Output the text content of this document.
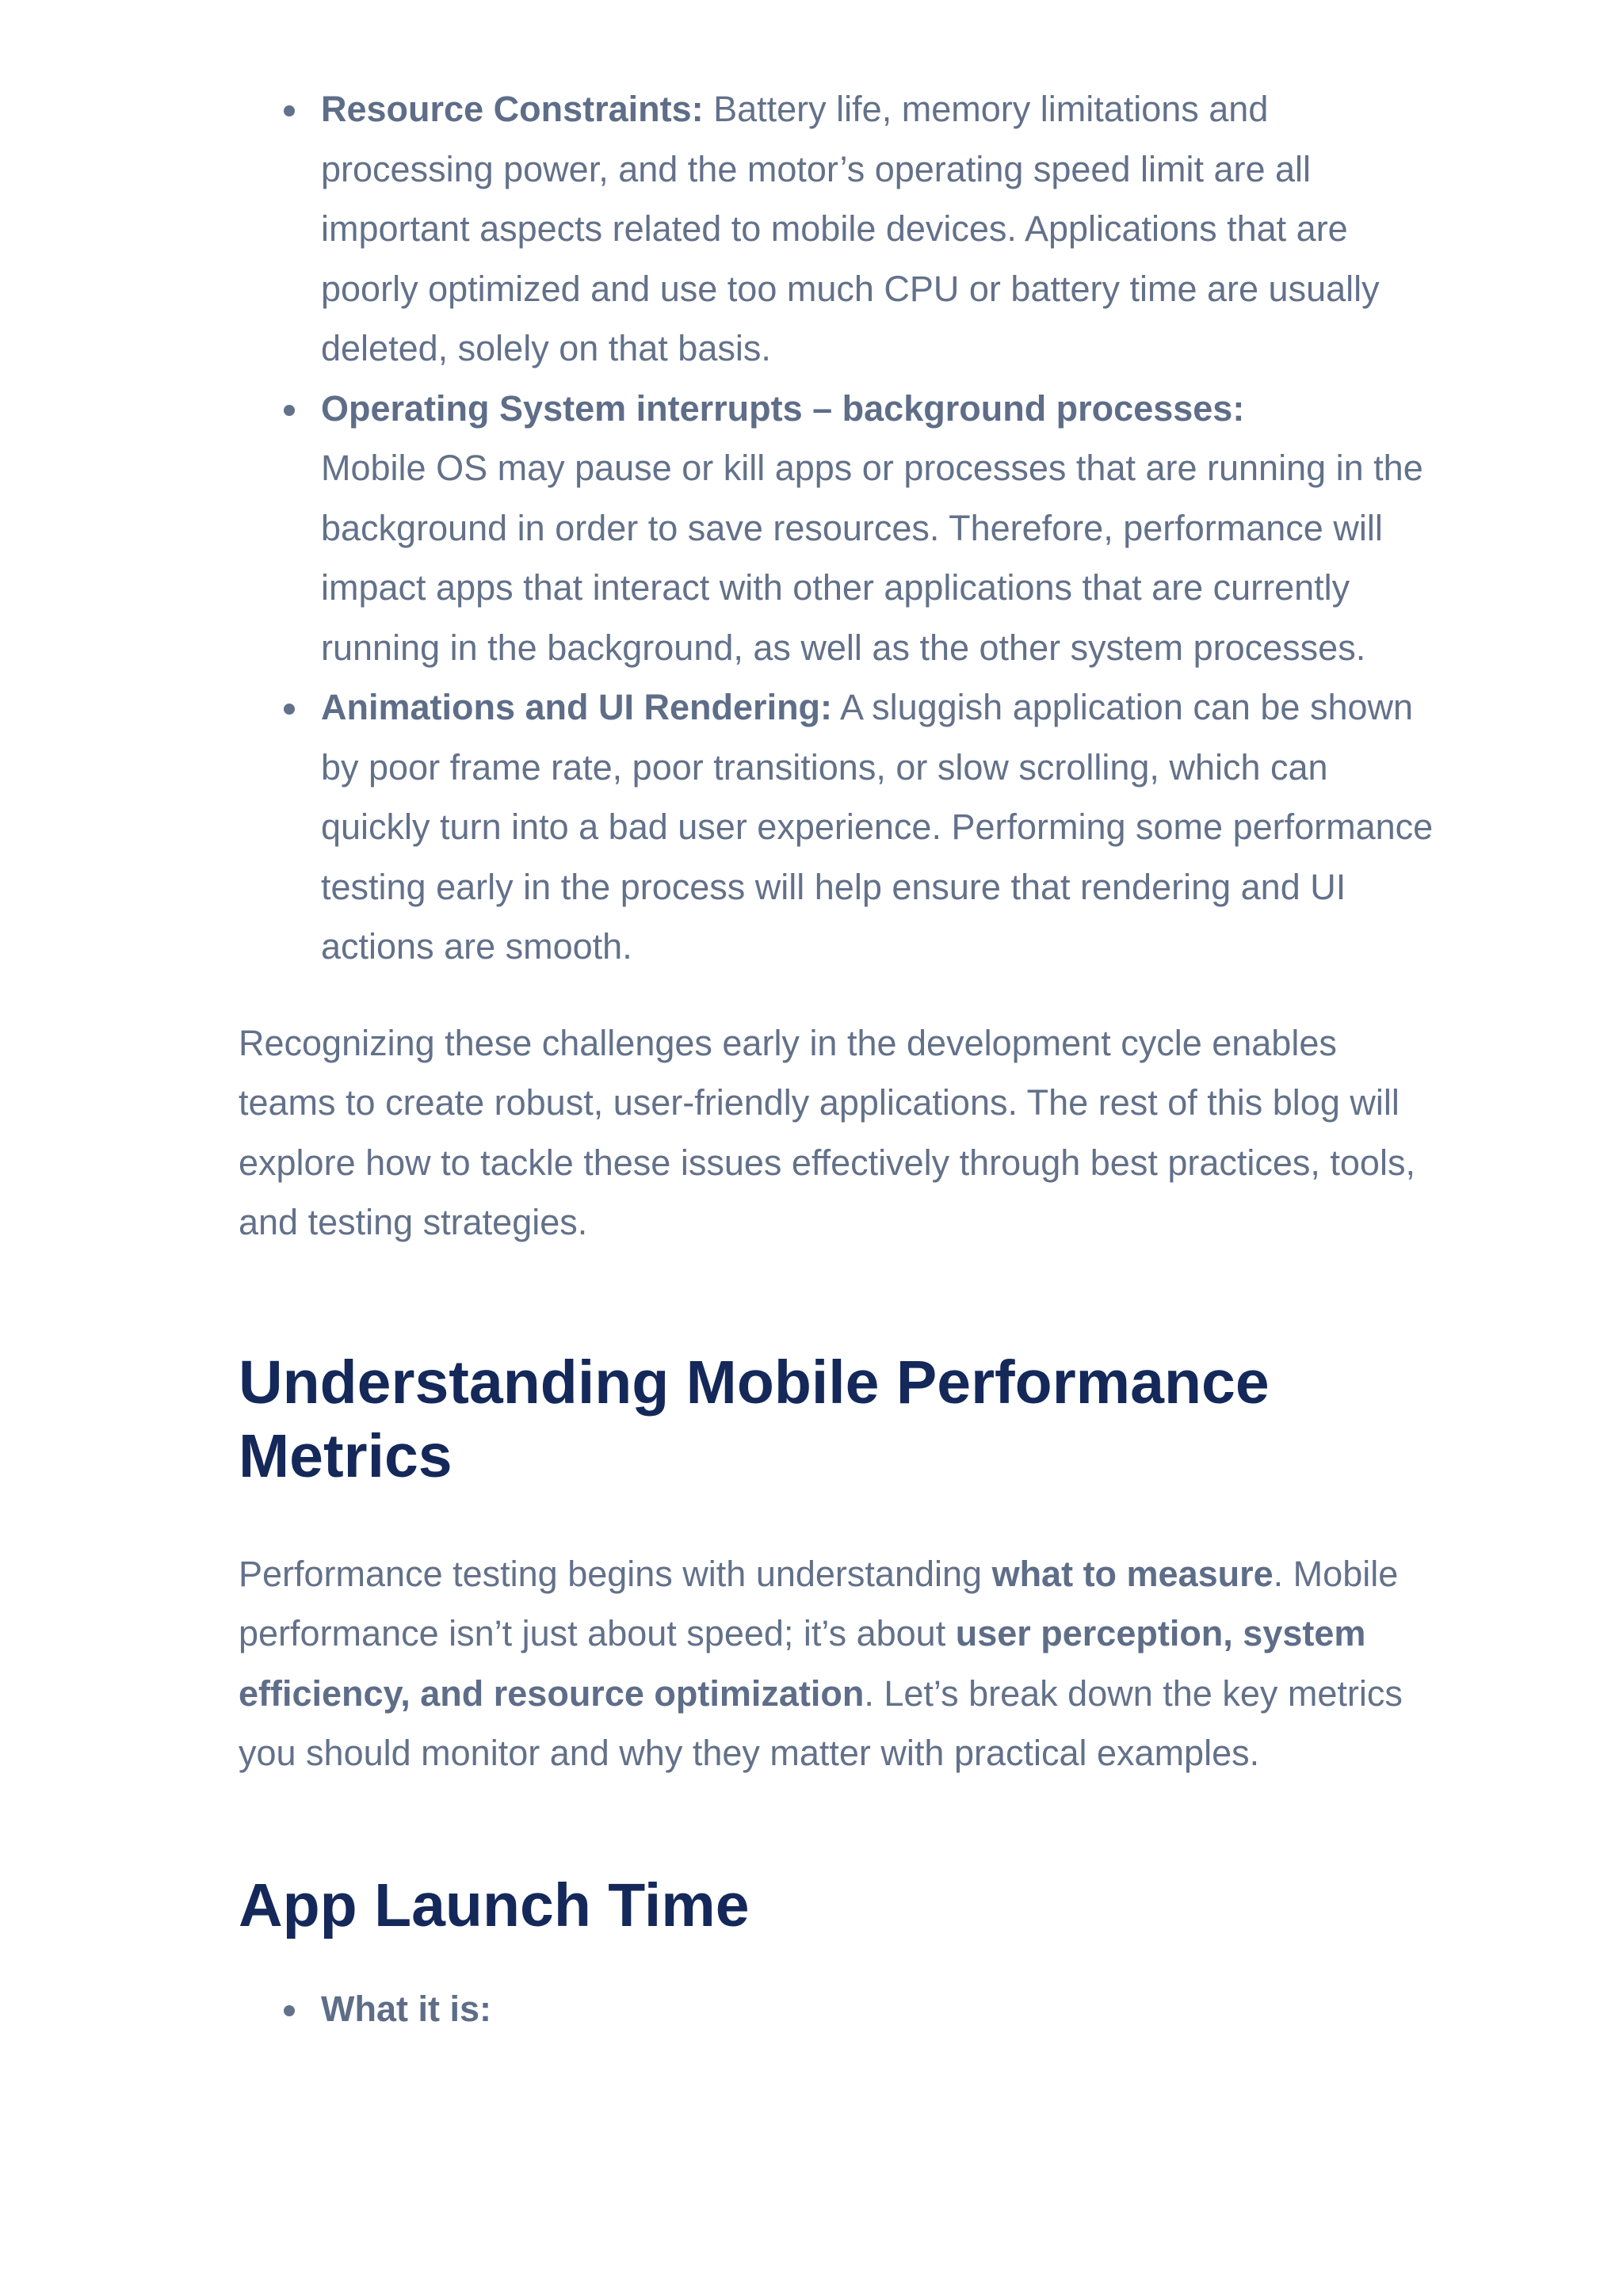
Resource Constraints: Battery life, memory limitations and processing power, and the motor’s operating speed limit are all important aspects related to mobile devices. Applications that are poorly optimized and use too much CPU or battery time are usually deleted, solely on that basis.
Operating System interrupts – background processes:
Mobile OS may pause or kill apps or processes that are running in the background in order to save resources. Therefore, performance will impact apps that interact with other applications that are currently running in the background, as well as the other system processes.
Animations and UI Rendering: A sluggish application can be shown by poor frame rate, poor transitions, or slow scrolling, which can quickly turn into a bad user experience. Performing some performance testing early in the process will help ensure that rendering and UI actions are smooth.

Recognizing these challenges early in the development cycle enables teams to create robust, user-friendly applications. The rest of this blog will explore how to tackle these issues effectively through best practices, tools, and testing strategies.

Understanding Mobile Performance Metrics

Performance testing begins with understanding what to measure. Mobile performance isn’t just about speed; it’s about user perception, system efficiency, and resource optimization. Let’s break down the key metrics you should monitor and why they matter with practical examples.

App Launch Time
What it is:
